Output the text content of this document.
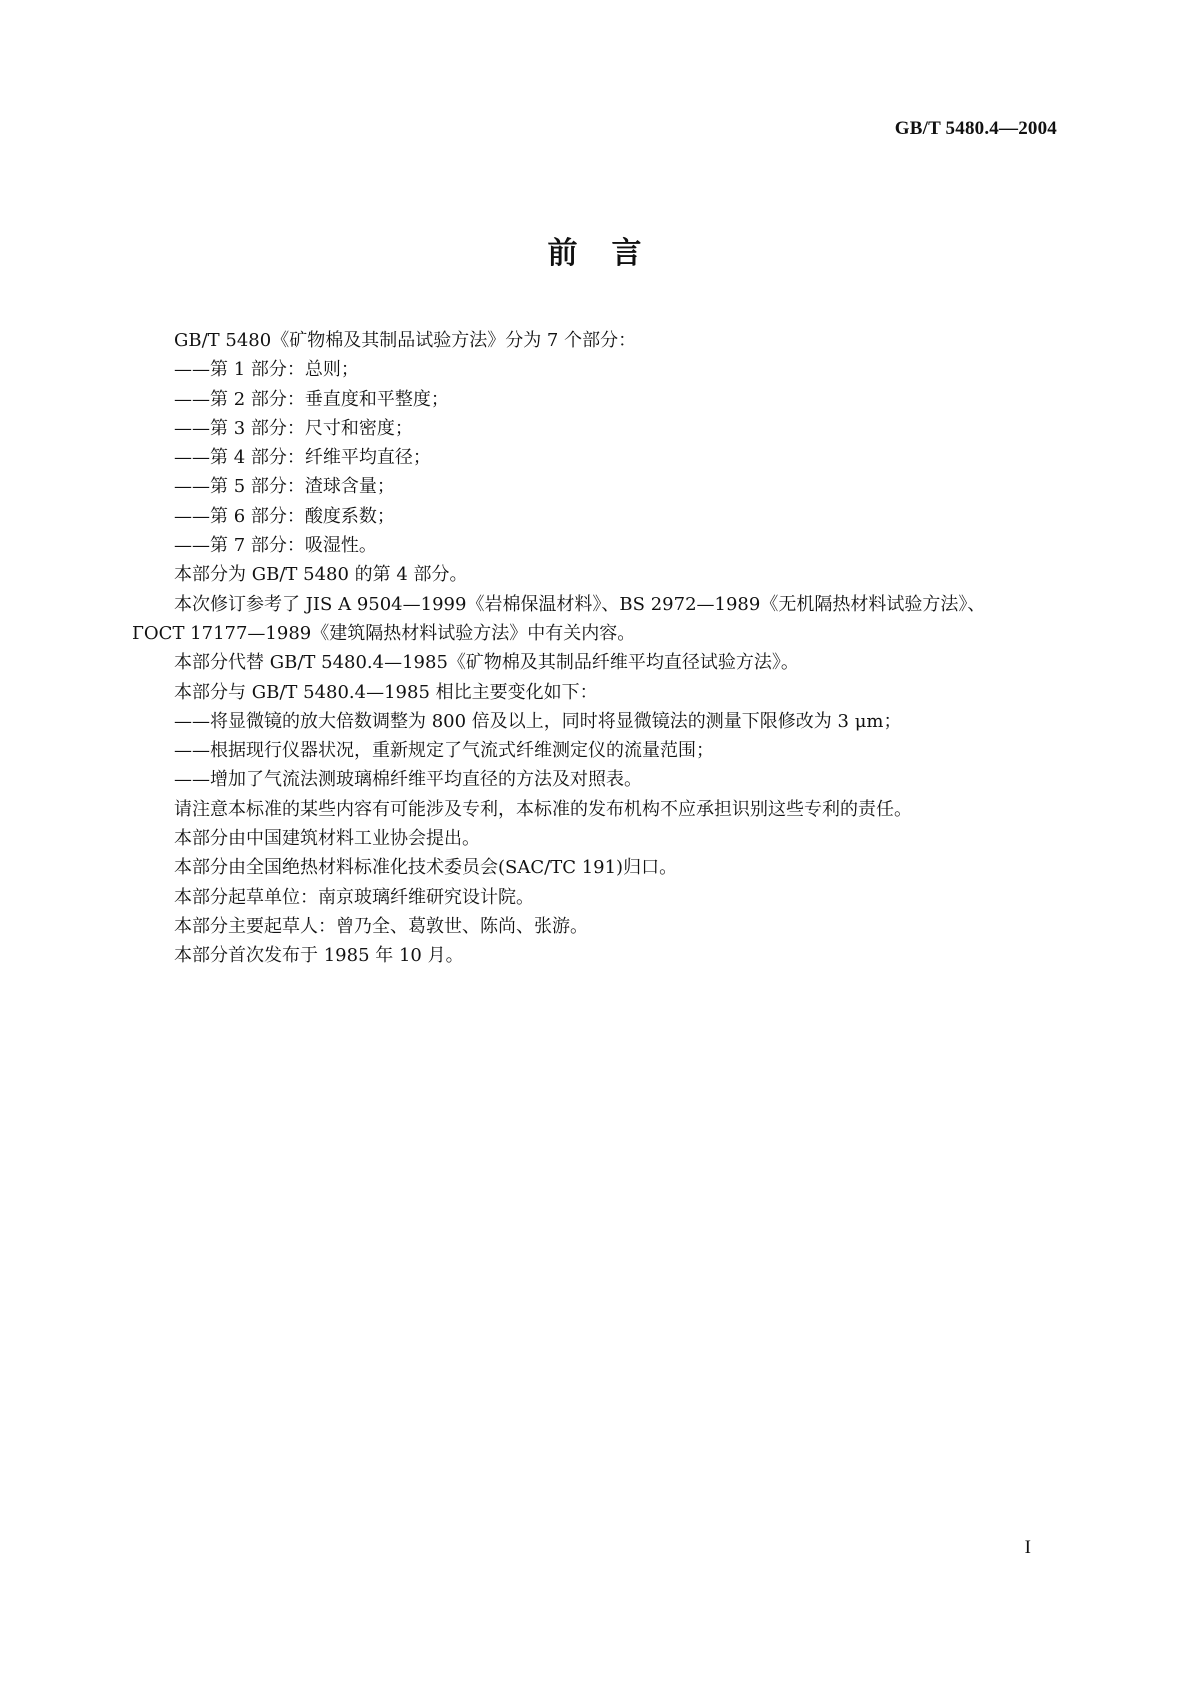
GB/T 5480.4—2004
前　言
GB/T 5480《矿物棉及其制品试验方法》分为 7 个部分：
——第 1 部分：总则；
——第 2 部分：垂直度和平整度；
——第 3 部分：尺寸和密度；
——第 4 部分：纤维平均直径；
——第 5 部分：渣球含量；
——第 6 部分：酸度系数；
——第 7 部分：吸湿性。
本部分为 GB/T 5480 的第 4 部分。
本次修订参考了 JIS A 9504—1999《岩棉保温材料》、BS 2972—1989《无机隔热材料试验方法》、
ГОСТ 17177—1989《建筑隔热材料试验方法》中有关内容。
本部分代替 GB/T 5480.4—1985《矿物棉及其制品纤维平均直径试验方法》。
本部分与 GB/T 5480.4—1985 相比主要变化如下：
——将显微镜的放大倍数调整为 800 倍及以上，同时将显微镜法的测量下限修改为 3 μm；
——根据现行仪器状况，重新规定了气流式纤维测定仪的流量范围；
——增加了气流法测玻璃棉纤维平均直径的方法及对照表。
请注意本标准的某些内容有可能涉及专利，本标准的发布机构不应承担识别这些专利的责任。
本部分由中国建筑材料工业协会提出。
本部分由全国绝热材料标准化技术委员会(SAC/TC 191)归口。
本部分起草单位：南京玻璃纤维研究设计院。
本部分主要起草人：曾乃全、葛敦世、陈尚、张游。
本部分首次发布于 1985 年 10 月。
I
